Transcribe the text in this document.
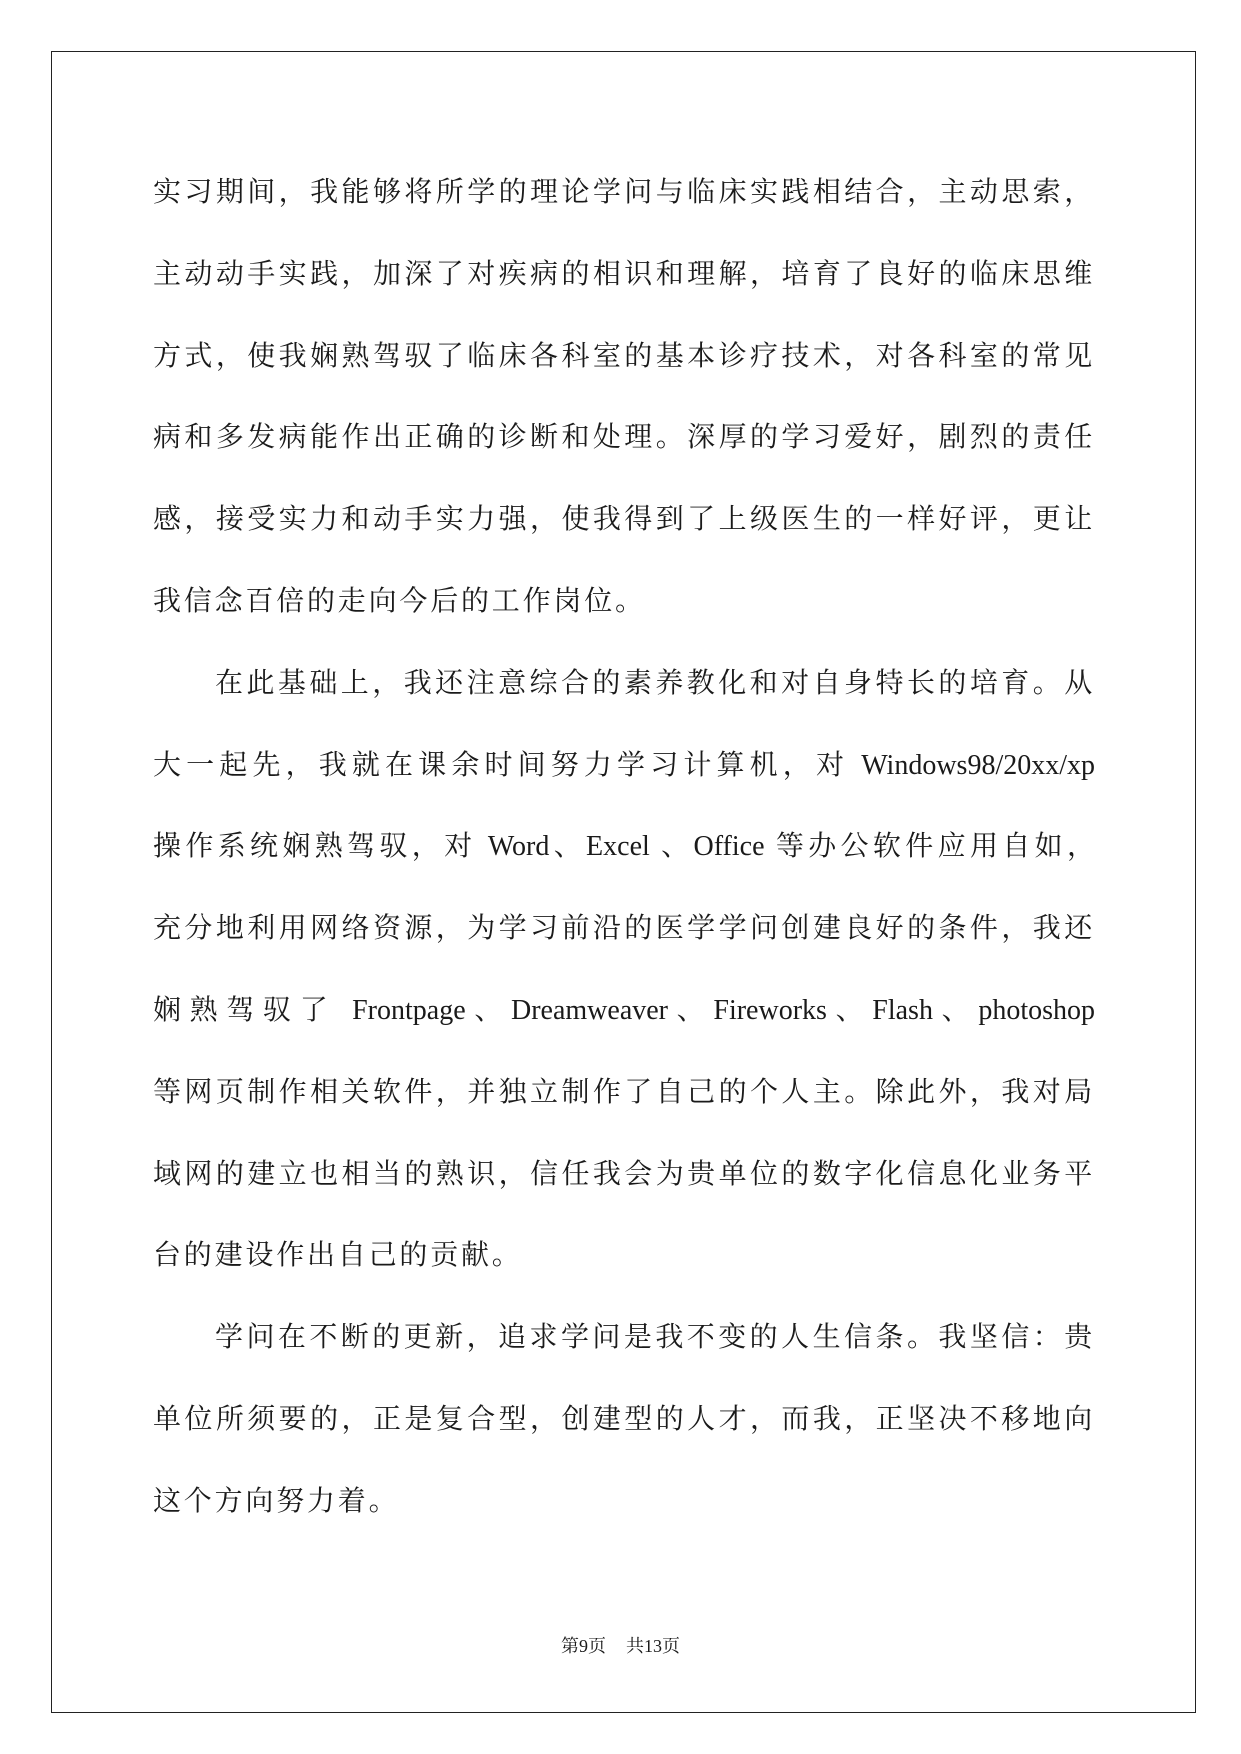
实习期间，我能够将所学的理论学问与临床实践相结合，主动思索，
主动动手实践，加深了对疾病的相识和理解，培育了良好的临床思维
方式，使我娴熟驾驭了临床各科室的基本诊疗技术，对各科室的常见
病和多发病能作出正确的诊断和处理。深厚的学习爱好，剧烈的责任
感，接受实力和动手实力强，使我得到了上级医生的一样好评，更让
我信念百倍的走向今后的工作岗位。
在此基础上，我还注意综合的素养教化和对自身特长的培育。从
大一起先，我就在课余时间努力学习计算机，对 Windows98/20xx/xp
操作系统娴熟驾驭，对 Word、Excel 、Office 等办公软件应用自如，
充分地利用网络资源，为学习前沿的医学学问创建良好的条件，我还
娴熟驾驭了 Frontpage、Dreamweaver、Fireworks、Flash、photoshop
等网页制作相关软件，并独立制作了自己的个人主。除此外，我对局
域网的建立也相当的熟识，信任我会为贵单位的数字化信息化业务平
台的建设作出自己的贡献。
学问在不断的更新，追求学问是我不变的人生信条。我坚信：贵
单位所须要的，正是复合型，创建型的人才，而我，正坚决不移地向
这个方向努力着。
第9页 共13页
